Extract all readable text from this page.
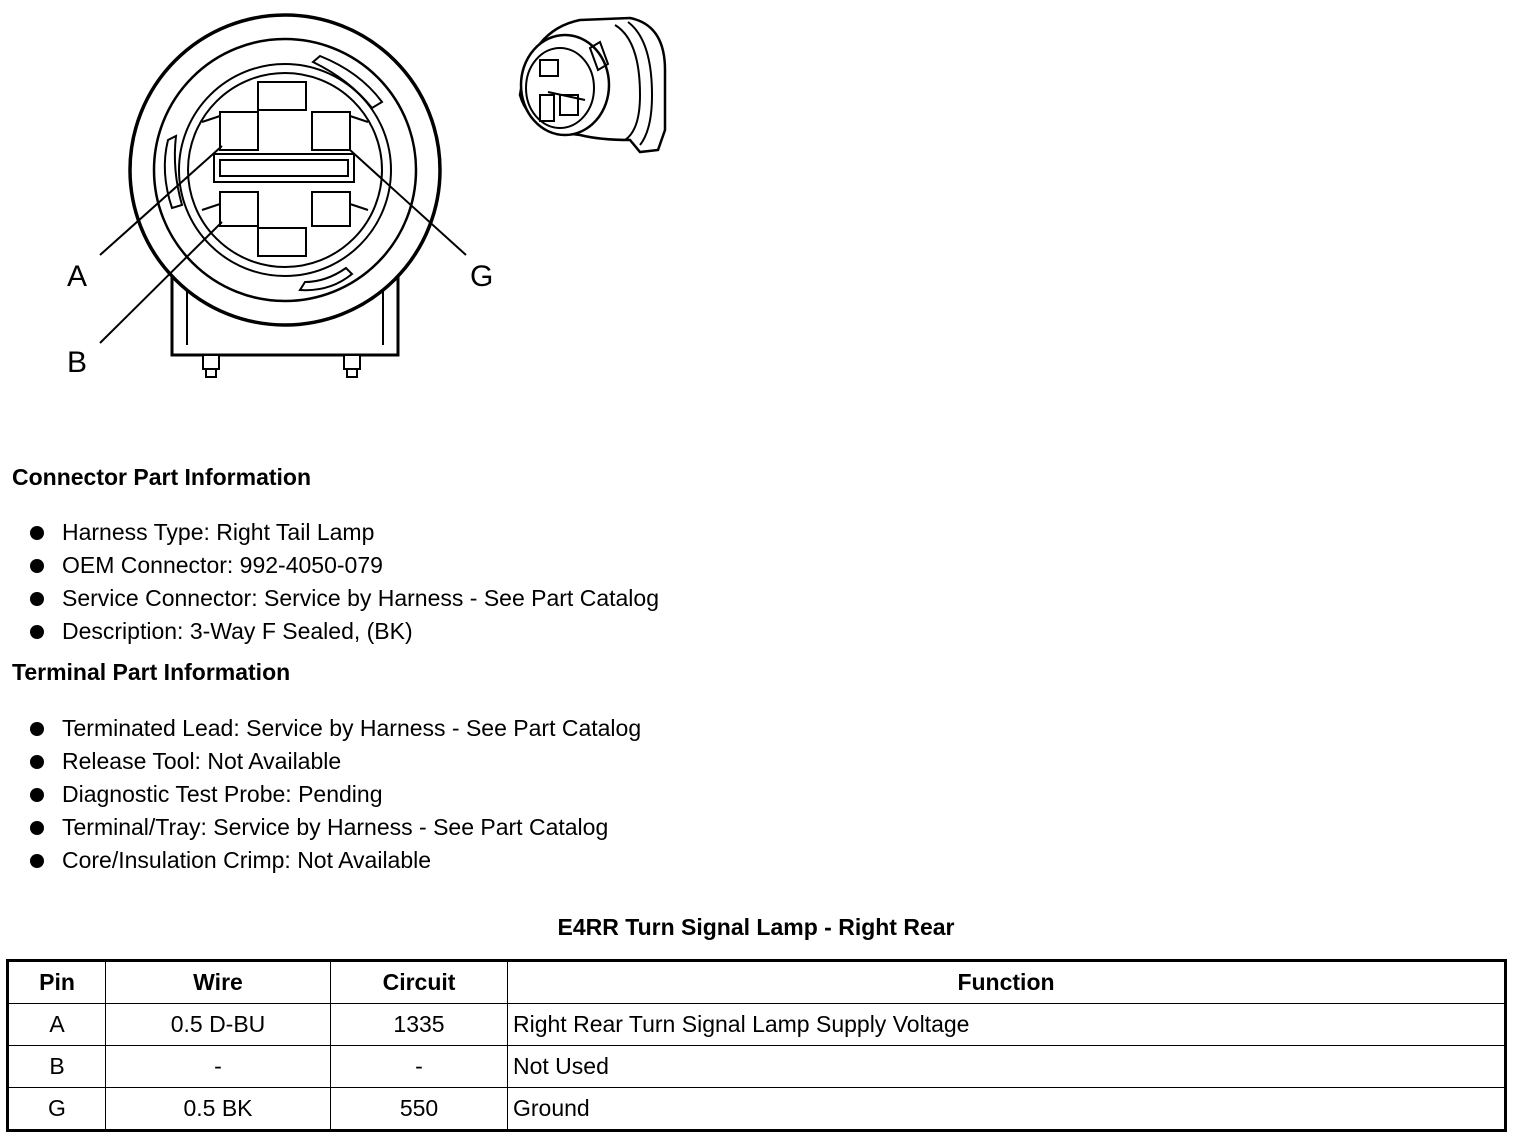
A
B
G
Connector Part Information
Harness Type: Right Tail Lamp
OEM Connector: 992-4050-079
Service Connector: Service by Harness - See Part Catalog
Description: 3-Way F Sealed, (BK)
Terminal Part Information
Terminated Lead: Service by Harness - See Part Catalog
Release Tool: Not Available
Diagnostic Test Probe: Pending
Terminal/Tray: Service by Harness - See Part Catalog
Core/Insulation Crimp: Not Available
E4RR Turn Signal Lamp - Right Rear
Pin	Wire	Circuit	Function
A	0.5 D-BU	1335	Right Rear Turn Signal Lamp Supply Voltage
B	-	-	Not Used
G	0.5 BK	550	Ground
